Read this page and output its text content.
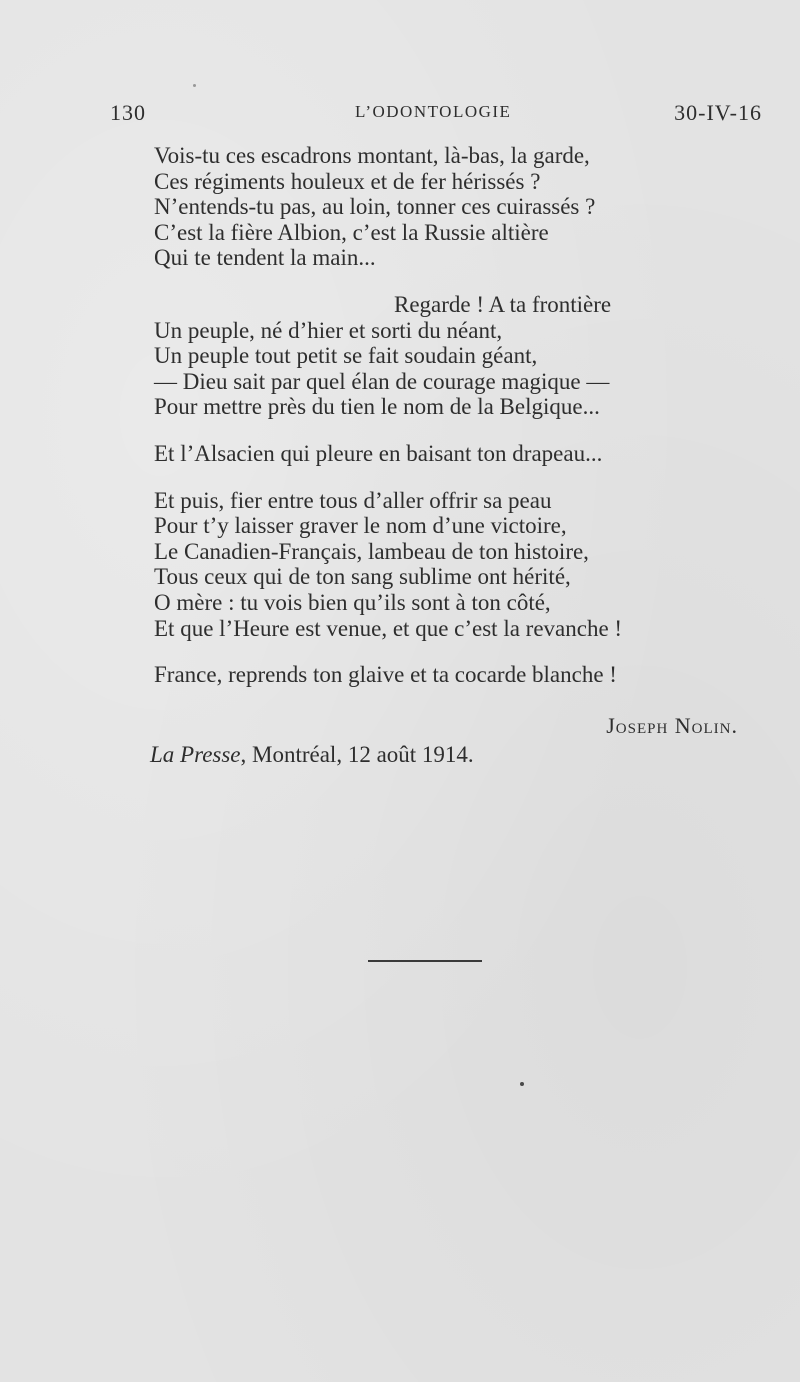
130	L’ODONTOLOGIE	30-IV-16
Vois-tu ces escadrons montant, là-bas, la garde,
Ces régiments houleux et de fer hérissés ?
N’entends-tu pas, au loin, tonner ces cuirassés ?
C’est la fière Albion, c’est la Russie altière
Qui te tendent la main...
Regarde ! A ta frontière
Un peuple, né d’hier et sorti du néant,
Un peuple tout petit se fait soudain géant,
— Dieu sait par quel élan de courage magique —
Pour mettre près du tien le nom de la Belgique...
Et l’Alsacien qui pleure en baisant ton drapeau...
Et puis, fier entre tous d’aller offrir sa peau
Pour t’y laisser graver le nom d’une victoire,
Le Canadien-Français, lambeau de ton histoire,
Tous ceux qui de ton sang sublime ont hérité,
O mère : tu vois bien qu’ils sont à ton côté,
Et que l’Heure est venue, et que c’est la revanche !
France, reprends ton glaive et ta cocarde blanche !
Joseph Nolin.
La Presse, Montréal, 12 août 1914.
